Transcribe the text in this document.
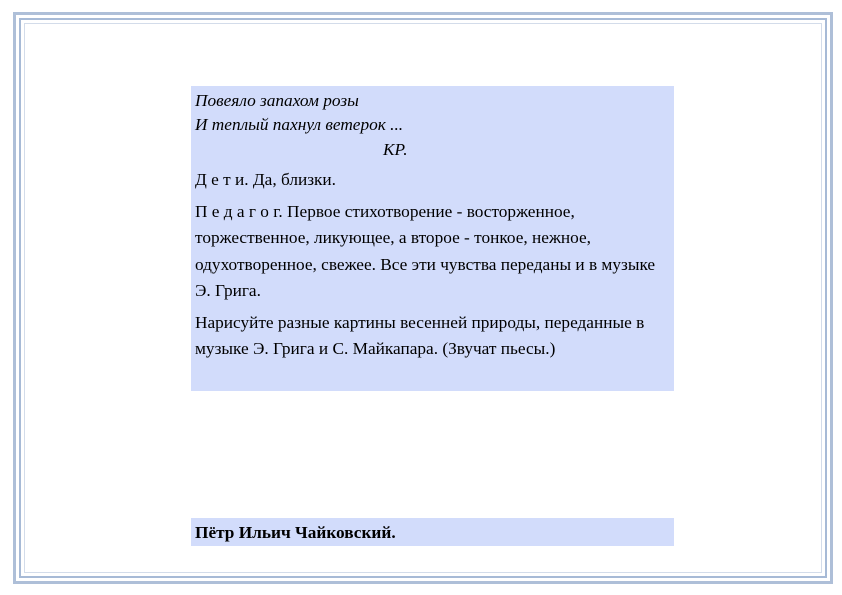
Повеяло запахом розы

И теплый пахнул ветерок ...

КР.

Д е т и. Да, близки.

П е д а г о г. Первое стихотворение - восторженное, торжественное, ликующее, а второе - тонкое, нежное, одухотворенное, свежее. Все эти чувства переданы и в музыке Э. Грига.

Нарисуйте разные картины весенней природы, переданные в музыке Э. Грига и С. Майкапара. (Звучат пьесы.)

Пётр Ильич Чайковский.
